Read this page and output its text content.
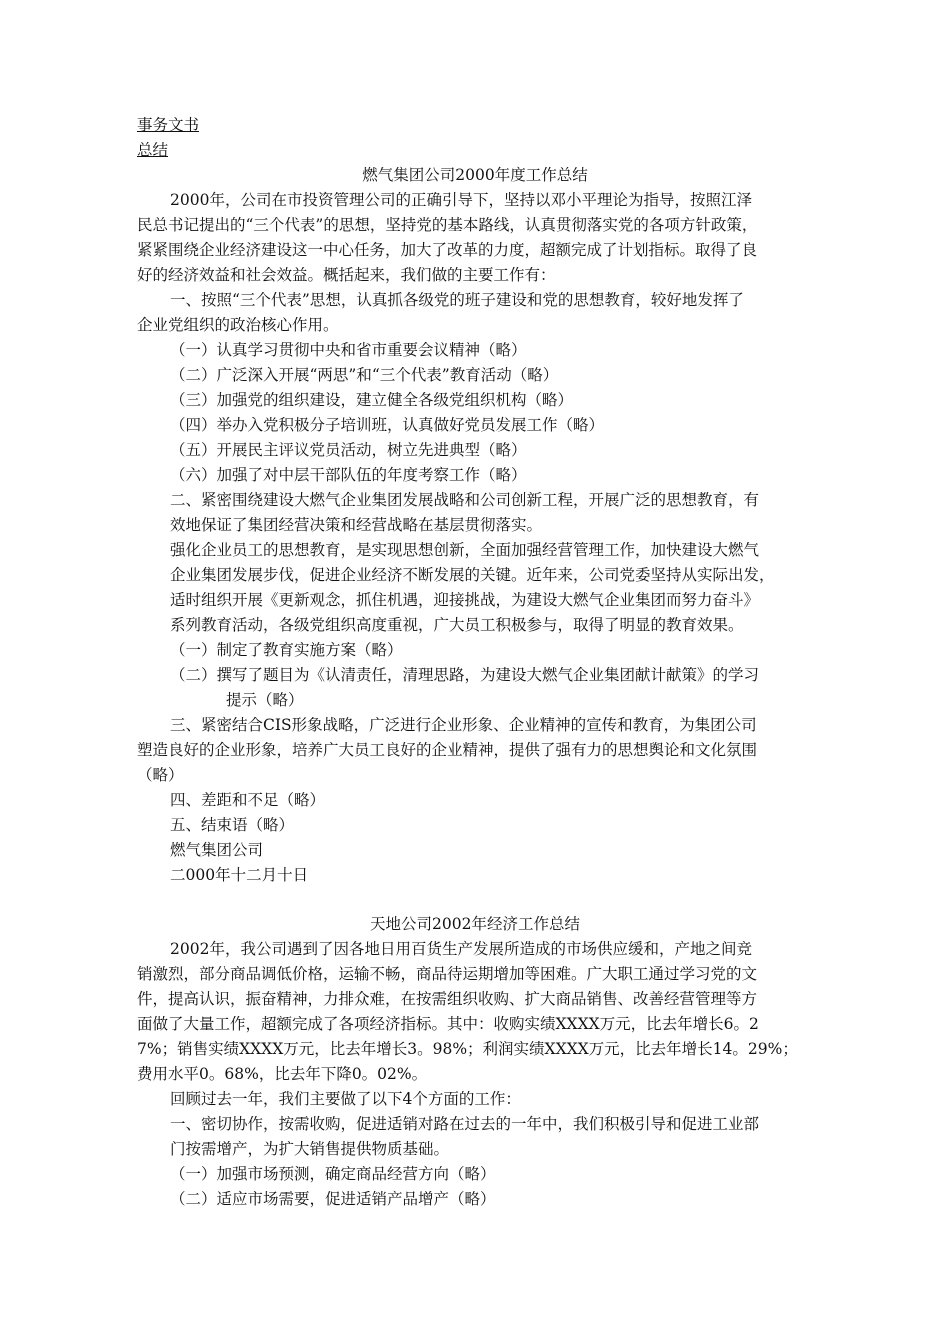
事务文书
总结
燃气集团公司2000年度工作总结
2000年，公司在市投资管理公司的正确引导下，坚持以邓小平理论为指导，按照江泽
民总书记提出的“三个代表”的思想，坚持党的基本路线，认真贯彻落实党的各项方针政策，
紧紧围绕企业经济建设这一中心任务，加大了改革的力度，超额完成了计划指标。取得了良
好的经济效益和社会效益。概括起来，我们做的主要工作有：
一、按照“三个代表”思想，认真抓各级党的班子建设和党的思想教育，较好地发挥了
企业党组织的政治核心作用。
（一）认真学习贯彻中央和省市重要会议精神（略）
（二）广泛深入开展“两思”和“三个代表”教育活动（略）
（三）加强党的组织建设，建立健全各级党组织机构（略）
（四）举办入党积极分子培训班，认真做好党员发展工作（略）
（五）开展民主评议党员活动，树立先进典型（略）
（六）加强了对中层干部队伍的年度考察工作（略）
二、紧密围绕建设大燃气企业集团发展战略和公司创新工程，开展广泛的思想教育，有
效地保证了集团经营决策和经营战略在基层贯彻落实。
强化企业员工的思想教育，是实现思想创新，全面加强经营管理工作，加快建设大燃气
企业集团发展步伐，促进企业经济不断发展的关键。近年来，公司党委坚持从实际出发，
适时组织开展《更新观念，抓住机遇，迎接挑战，为建设大燃气企业集团而努力奋斗》
系列教育活动，各级党组织高度重视，广大员工积极参与，取得了明显的教育效果。
（一）制定了教育实施方案（略）
（二）撰写了题目为《认清责任，清理思路，为建设大燃气企业集团献计献策》的学习
提示（略）
三、紧密结合CIS形象战略，广泛进行企业形象、企业精神的宣传和教育，为集团公司
塑造良好的企业形象，培养广大员工良好的企业精神，提供了强有力的思想舆论和文化氛围
（略）
四、差距和不足（略）
五、结束语（略）
燃气集团公司
二000年十二月十日
天地公司2002年经济工作总结
2002年，我公司遇到了因各地日用百货生产发展所造成的市场供应缓和，产地之间竞
销激烈，部分商品调低价格，运输不畅，商品待运期增加等困难。广大职工通过学习党的文
件，提高认识，振奋精神，力排众难，在按需组织收购、扩大商品销售、改善经营管理等方
面做了大量工作，超额完成了各项经济指标。其中：收购实绩XXXX万元，比去年增长6。2
7%；销售实绩XXXX万元，比去年增长3。98%；利润实绩XXXX万元，比去年增长14。29%；
费用水平0。68%，比去年下降0。02%。
回顾过去一年，我们主要做了以下4个方面的工作：
一、密切协作，按需收购，促进适销对路在过去的一年中，我们积极引导和促进工业部
门按需增产，为扩大销售提供物质基础。
（一）加强市场预测，确定商品经营方向（略）
（二）适应市场需要，促进适销产品增产（略）
